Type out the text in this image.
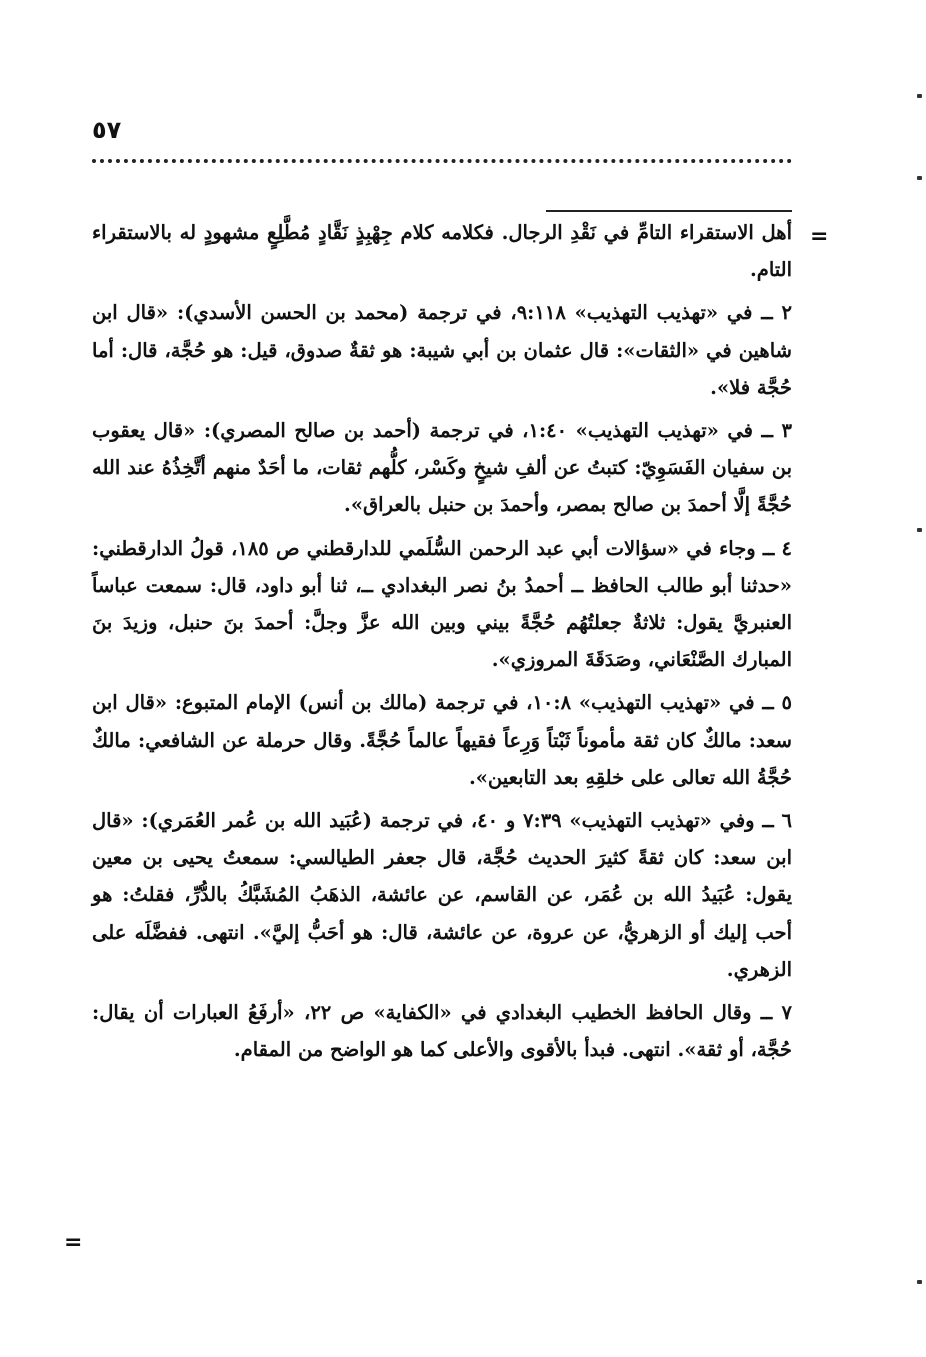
٥٧
=

أهل الاستقراء التامِّ في نَقْدِ الرجال. فكلامه كلام جِهْبِذٍ نَقَّادٍ مُطَّلِعٍ مشهودٍ له بالاستقراء التام.

٢ ــ في «تهذيب التهذيب» ٩:١١٨، في ترجمة (محمد بن الحسن الأسدي): «قال ابن شاهين في «الثقات»: قال عثمان بن أبي شيبة: هو ثقةٌ صدوق، قيل: هو حُجَّة، قال: أما حُجَّة فلا».

٣ ــ في «تهذيب التهذيب» ١:٤٠، في ترجمة (أحمد بن صالح المصري): «قال يعقوب بن سفيان الفَسَوِيّ: كتبتُ عن ألفِ شيخٍ وكَسْر، كلُّهم ثقات، ما أحَدٌ منهم أتَّخِذُهُ عند الله حُجَّةً إلَّا أحمدَ بن صالح بمصر، وأحمدَ بن حنبل بالعراق».

٤ ــ وجاء في «سؤالات أبي عبد الرحمن السُّلَمي للدارقطني ص ١٨٥، قولُ الدارقطني: «حدثنا أبو طالب الحافظ ــ أحمدُ بنُ نصر البغدادي ــ، ثنا أبو داود، قال: سمعت عباساً العنبريَّ يقول: ثلاثةٌ جعلتُهُم حُجَّةً بيني وبين الله عزَّ وجلَّ: أحمدَ بنَ حنبل، وزيدَ بنَ المبارك الصَّنْعَاني، وصَدَقَةَ المروزي».

٥ ــ في «تهذيب التهذيب» ١٠:٨، في ترجمة (مالك بن أنس) الإمام المتبوع: «قال ابن سعد: مالكٌ كان ثقة مأموناً ثَبْتاً وَرِعاً فقيهاً عالماً حُجَّةً. وقال حرملة عن الشافعي: مالكٌ حُجَّةُ الله تعالى على خلقِهِ بعد التابعين».

٦ ــ وفي «تهذيب التهذيب» ٧:٣٩ و ٤٠، في ترجمة (عُبَيد الله بن عُمر العُمَري): «قال ابن سعد: كان ثقةً كثيرَ الحديث حُجَّة، قال جعفر الطيالسي: سمعتُ يحيى بن معين يقول: عُبَيدُ الله بن عُمَر، عن القاسم، عن عائشة، الذهَبُ المُشَبَّكُ بالدُّرِّ، فقلتُ: هو أحب إليك أو الزهريُّ، عن عروة، عن عائشة، قال: هو أحَبُّ إليَّ». انتهى. ففضَّلَه على الزهري.

٧ ــ وقال الحافظ الخطيب البغدادي في «الكفاية» ص ٢٢، «أرفَعُ العبارات أن يقال: حُجَّة، أو ثقة». انتهى. فبدأ بالأقوى والأعلى كما هو الواضح من المقام.

=
